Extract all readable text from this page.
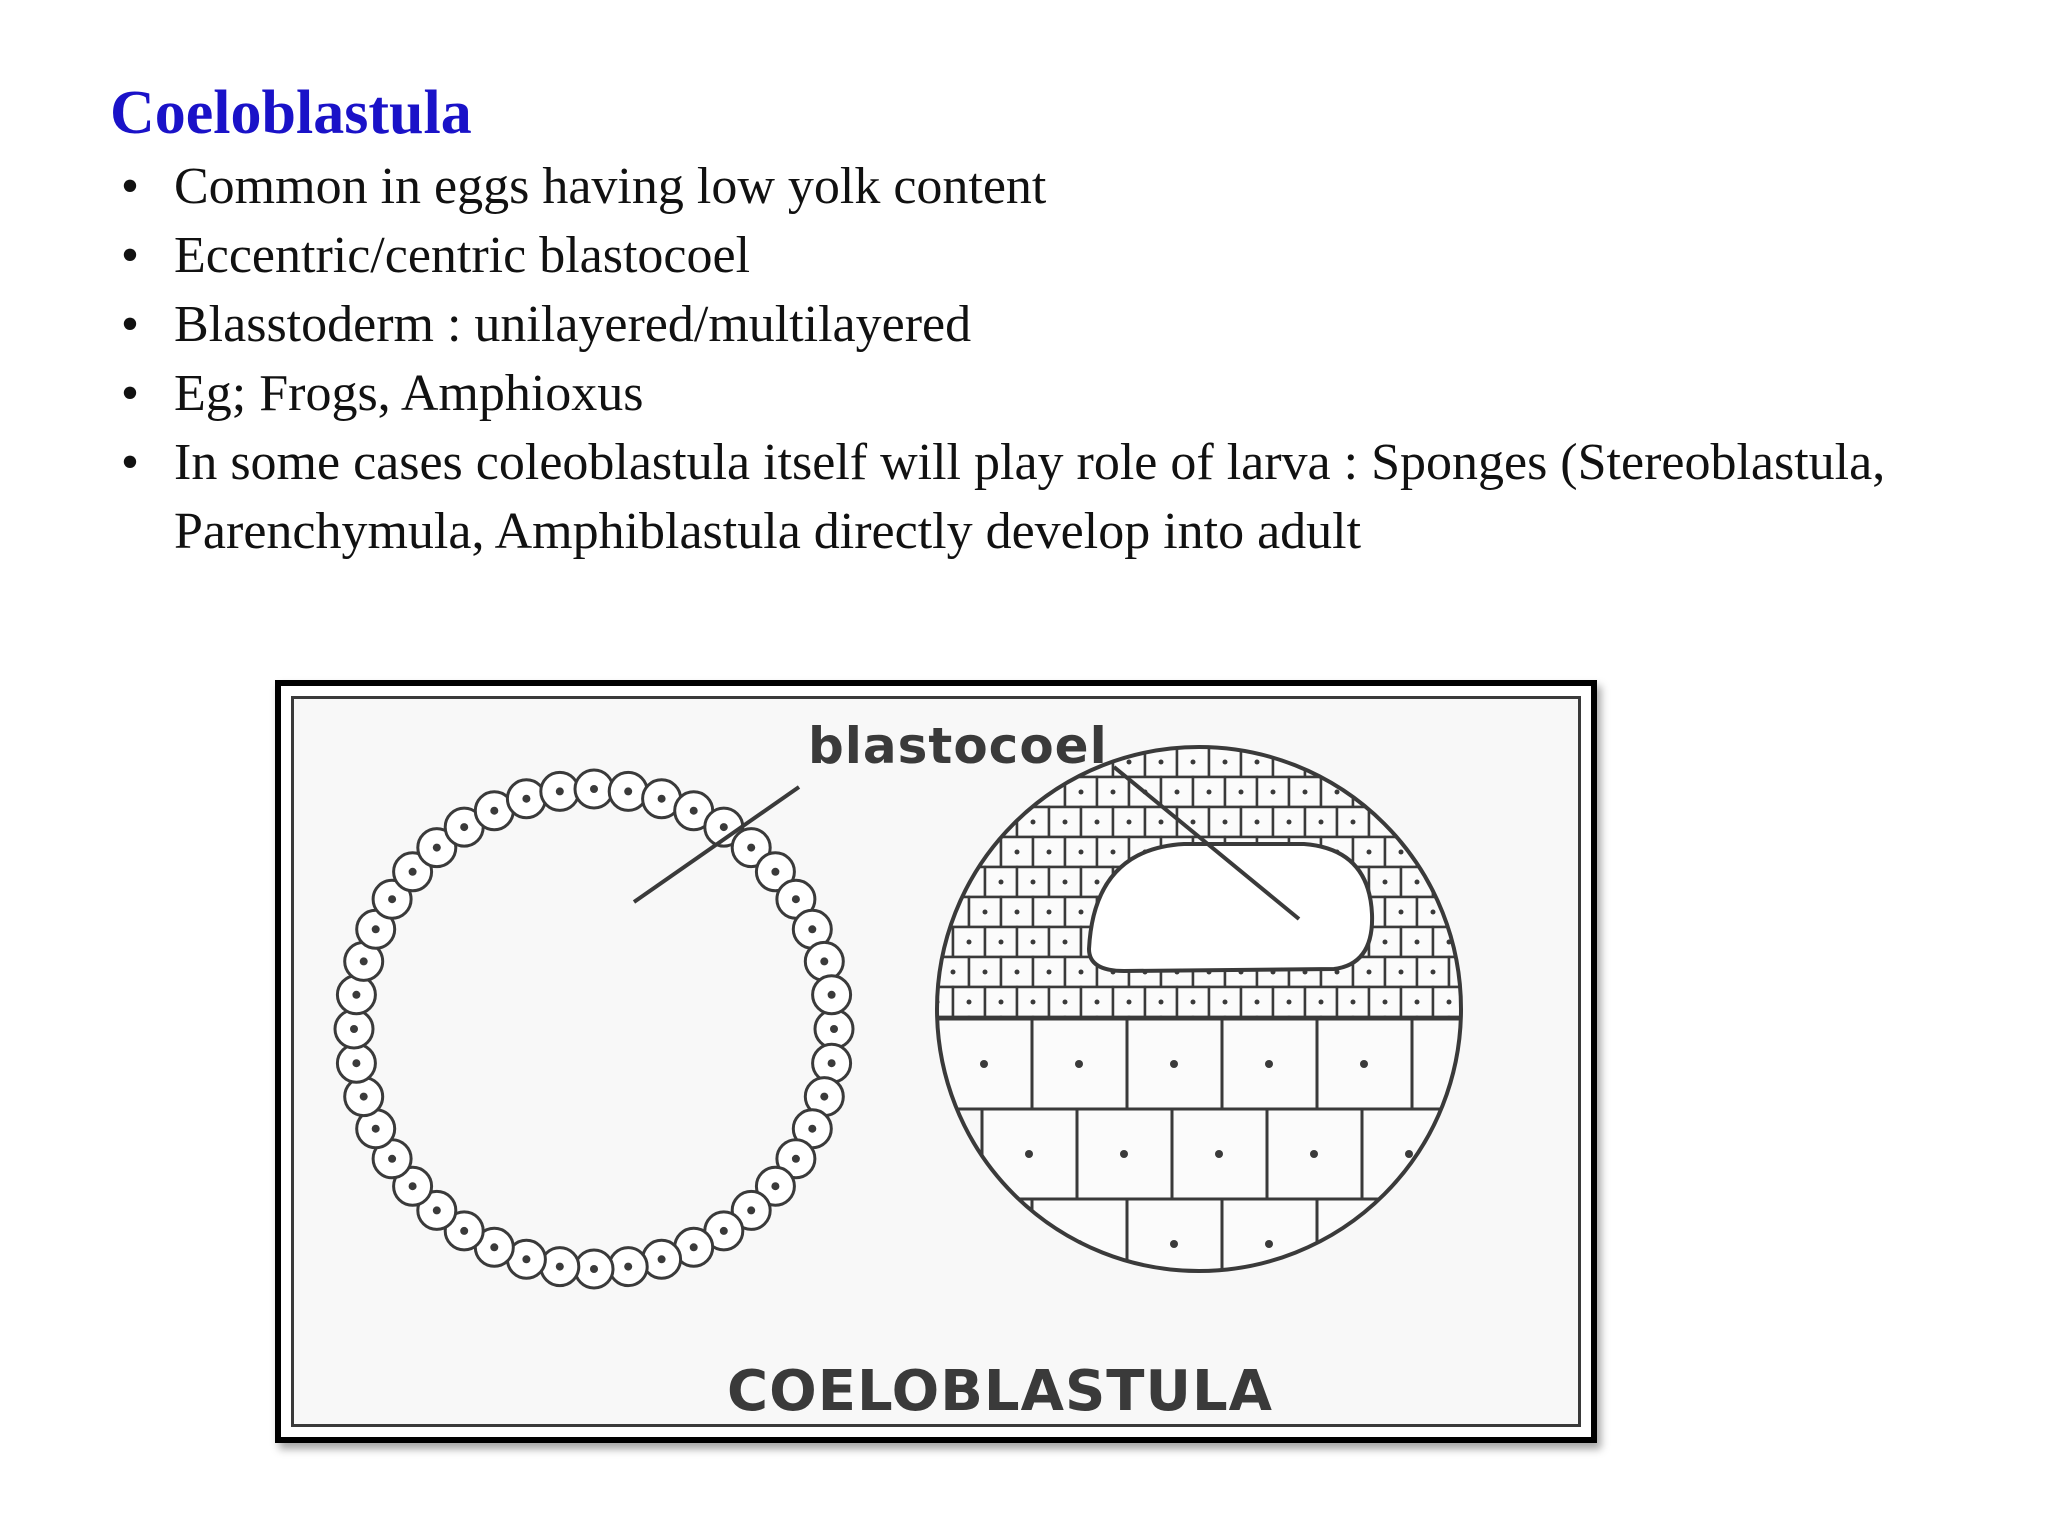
Coeloblastula
• Common in eggs having low yolk content
• Eccentric/centric blastocoel
• Blasstoderm : unilayered/multilayered
• Eg; Frogs, Amphioxus
• In some cases coleoblastula itself will play role of larva : Sponges (Stereoblastula, Parenchymula, Amphiblastula directly develop into adult
blastocoel
COELOBLASTULA
